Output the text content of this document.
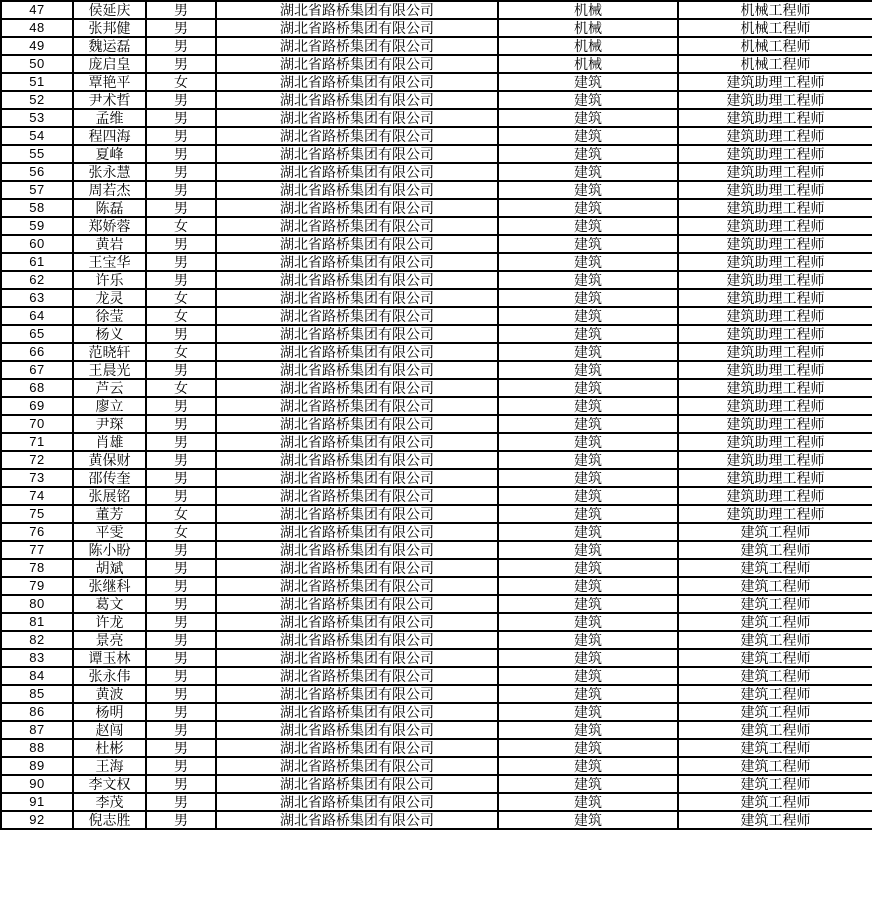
47	侯延庆	男	湖北省路桥集团有限公司	机械	机械工程师
48	张邦健	男	湖北省路桥集团有限公司	机械	机械工程师
49	魏运磊	男	湖北省路桥集团有限公司	机械	机械工程师
50	庞启皇	男	湖北省路桥集团有限公司	机械	机械工程师
51	覃艳平	女	湖北省路桥集团有限公司	建筑	建筑助理工程师
52	尹术哲	男	湖北省路桥集团有限公司	建筑	建筑助理工程师
53	孟维	男	湖北省路桥集团有限公司	建筑	建筑助理工程师
54	程四海	男	湖北省路桥集团有限公司	建筑	建筑助理工程师
55	夏峰	男	湖北省路桥集团有限公司	建筑	建筑助理工程师
56	张永慧	男	湖北省路桥集团有限公司	建筑	建筑助理工程师
57	周若杰	男	湖北省路桥集团有限公司	建筑	建筑助理工程师
58	陈磊	男	湖北省路桥集团有限公司	建筑	建筑助理工程师
59	郑娇蓉	女	湖北省路桥集团有限公司	建筑	建筑助理工程师
60	黄岩	男	湖北省路桥集团有限公司	建筑	建筑助理工程师
61	王宝华	男	湖北省路桥集团有限公司	建筑	建筑助理工程师
62	许乐	男	湖北省路桥集团有限公司	建筑	建筑助理工程师
63	龙灵	女	湖北省路桥集团有限公司	建筑	建筑助理工程师
64	徐莹	女	湖北省路桥集团有限公司	建筑	建筑助理工程师
65	杨义	男	湖北省路桥集团有限公司	建筑	建筑助理工程师
66	范晓轩	女	湖北省路桥集团有限公司	建筑	建筑助理工程师
67	王晨光	男	湖北省路桥集团有限公司	建筑	建筑助理工程师
68	芦云	女	湖北省路桥集团有限公司	建筑	建筑助理工程师
69	廖立	男	湖北省路桥集团有限公司	建筑	建筑助理工程师
70	尹琛	男	湖北省路桥集团有限公司	建筑	建筑助理工程师
71	肖雄	男	湖北省路桥集团有限公司	建筑	建筑助理工程师
72	黄保财	男	湖北省路桥集团有限公司	建筑	建筑助理工程师
73	邵传奎	男	湖北省路桥集团有限公司	建筑	建筑助理工程师
74	张展铭	男	湖北省路桥集团有限公司	建筑	建筑助理工程师
75	董芳	女	湖北省路桥集团有限公司	建筑	建筑助理工程师
76	平雯	女	湖北省路桥集团有限公司	建筑	建筑工程师
77	陈小盼	男	湖北省路桥集团有限公司	建筑	建筑工程师
78	胡斌	男	湖北省路桥集团有限公司	建筑	建筑工程师
79	张继科	男	湖北省路桥集团有限公司	建筑	建筑工程师
80	葛文	男	湖北省路桥集团有限公司	建筑	建筑工程师
81	许龙	男	湖北省路桥集团有限公司	建筑	建筑工程师
82	景亮	男	湖北省路桥集团有限公司	建筑	建筑工程师
83	谭玉林	男	湖北省路桥集团有限公司	建筑	建筑工程师
84	张永伟	男	湖北省路桥集团有限公司	建筑	建筑工程师
85	黄波	男	湖北省路桥集团有限公司	建筑	建筑工程师
86	杨明	男	湖北省路桥集团有限公司	建筑	建筑工程师
87	赵闯	男	湖北省路桥集团有限公司	建筑	建筑工程师
88	杜彬	男	湖北省路桥集团有限公司	建筑	建筑工程师
89	王海	男	湖北省路桥集团有限公司	建筑	建筑工程师
90	李文权	男	湖北省路桥集团有限公司	建筑	建筑工程师
91	李茂	男	湖北省路桥集团有限公司	建筑	建筑工程师
92	倪志胜	男	湖北省路桥集团有限公司	建筑	建筑工程师
